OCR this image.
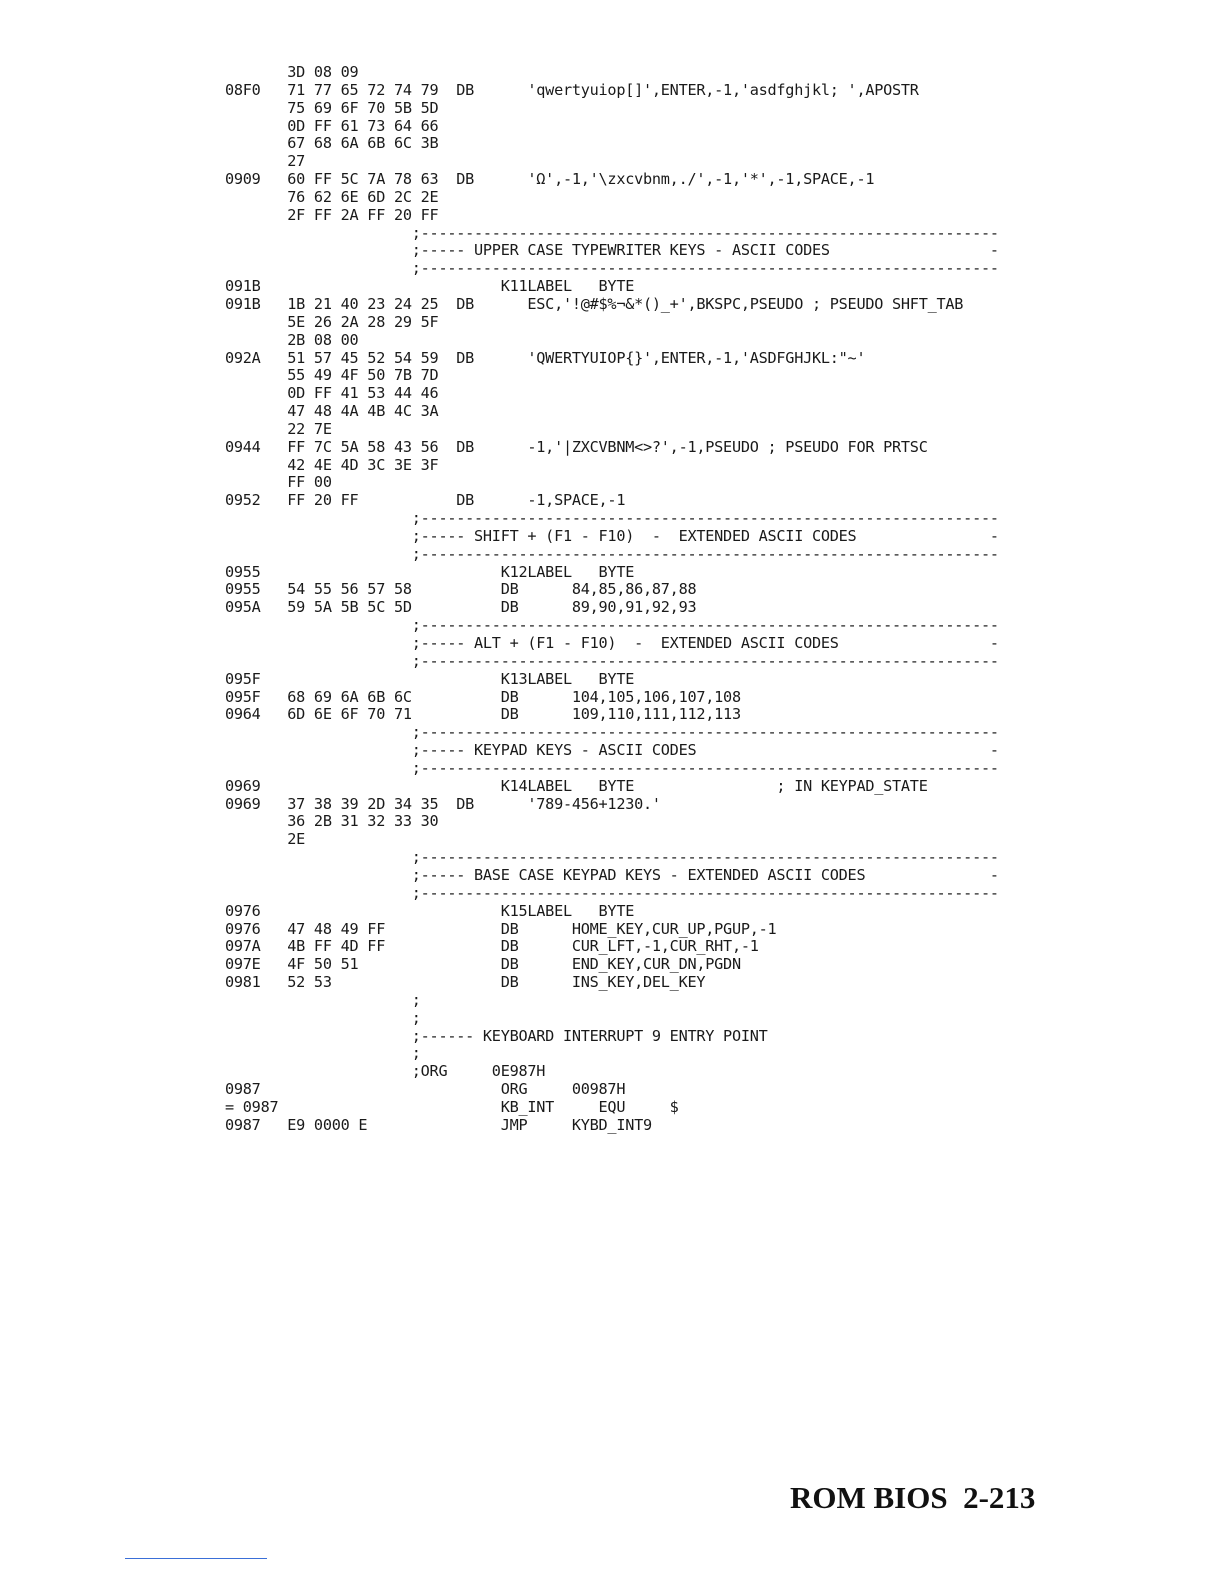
3D 08 09
08F0   71 77 65 72 74 79  DB      'qwertyuiop[]',ENTER,-1,'asdfghjkl; ',APOSTR
75 69 6F 70 5B 5D
0D FF 61 73 64 66
67 68 6A 6B 6C 3B
27
0909   60 FF 5C 7A 78 63  DB      'Ω',-1,'\zxcvbnm,./',-1,'*',-1,SPACE,-1
76 62 6E 6D 2C 2E
2F FF 2A FF 20 FF
;-----------------------------------------------------------------
;----- UPPER CASE TYPEWRITER KEYS - ASCII CODES                  -
;-----------------------------------------------------------------
091B                           K11LABEL   BYTE
091B   1B 21 40 23 24 25  DB      ESC,'!@#$%¬&*()_+',BKSPC,PSEUDO ; PSEUDO SHFT_TAB
5E 26 2A 28 29 5F
2B 08 00
092A   51 57 45 52 54 59  DB      'QWERTYUIOP{}',ENTER,-1,'ASDFGHJKL:"~'
55 49 4F 50 7B 7D
0D FF 41 53 44 46
47 48 4A 4B 4C 3A
22 7E
0944   FF 7C 5A 58 43 56  DB      -1,'|ZXCVBNM<>?',-1,PSEUDO ; PSEUDO FOR PRTSC
42 4E 4D 3C 3E 3F
FF 00
0952   FF 20 FF           DB      -1,SPACE,-1
;-----------------------------------------------------------------
;----- SHIFT + (F1 - F10)  -  EXTENDED ASCII CODES               -
;-----------------------------------------------------------------
0955                           K12LABEL   BYTE
0955   54 55 56 57 58          DB      84,85,86,87,88
095A   59 5A 5B 5C 5D          DB      89,90,91,92,93
;-----------------------------------------------------------------
;----- ALT + (F1 - F10)  -  EXTENDED ASCII CODES                 -
;-----------------------------------------------------------------
095F                           K13LABEL   BYTE
095F   68 69 6A 6B 6C          DB      104,105,106,107,108
0964   6D 6E 6F 70 71          DB      109,110,111,112,113
;-----------------------------------------------------------------
;----- KEYPAD KEYS - ASCII CODES                                 -
;-----------------------------------------------------------------
0969                           K14LABEL   BYTE                ; IN KEYPAD_STATE
0969   37 38 39 2D 34 35  DB      '789-456+1230.'
36 2B 31 32 33 30
2E
;-----------------------------------------------------------------
;----- BASE CASE KEYPAD KEYS - EXTENDED ASCII CODES              -
;-----------------------------------------------------------------
0976                           K15LABEL   BYTE
0976   47 48 49 FF             DB      HOME_KEY,CUR_UP,PGUP,-1
097A   4B FF 4D FF             DB      CUR_LFT,-1,CUR_RHT,-1
097E   4F 50 51                DB      END_KEY,CUR_DN,PGDN
0981   52 53                   DB      INS_KEY,DEL_KEY
;
;
;------ KEYBOARD INTERRUPT 9 ENTRY POINT
;
;ORG     0E987H
0987                           ORG     00987H
= 0987                         KB_INT     EQU     $
0987   E9 0000 E               JMP     KYBD_INT9
ROM BIOS  2-213
